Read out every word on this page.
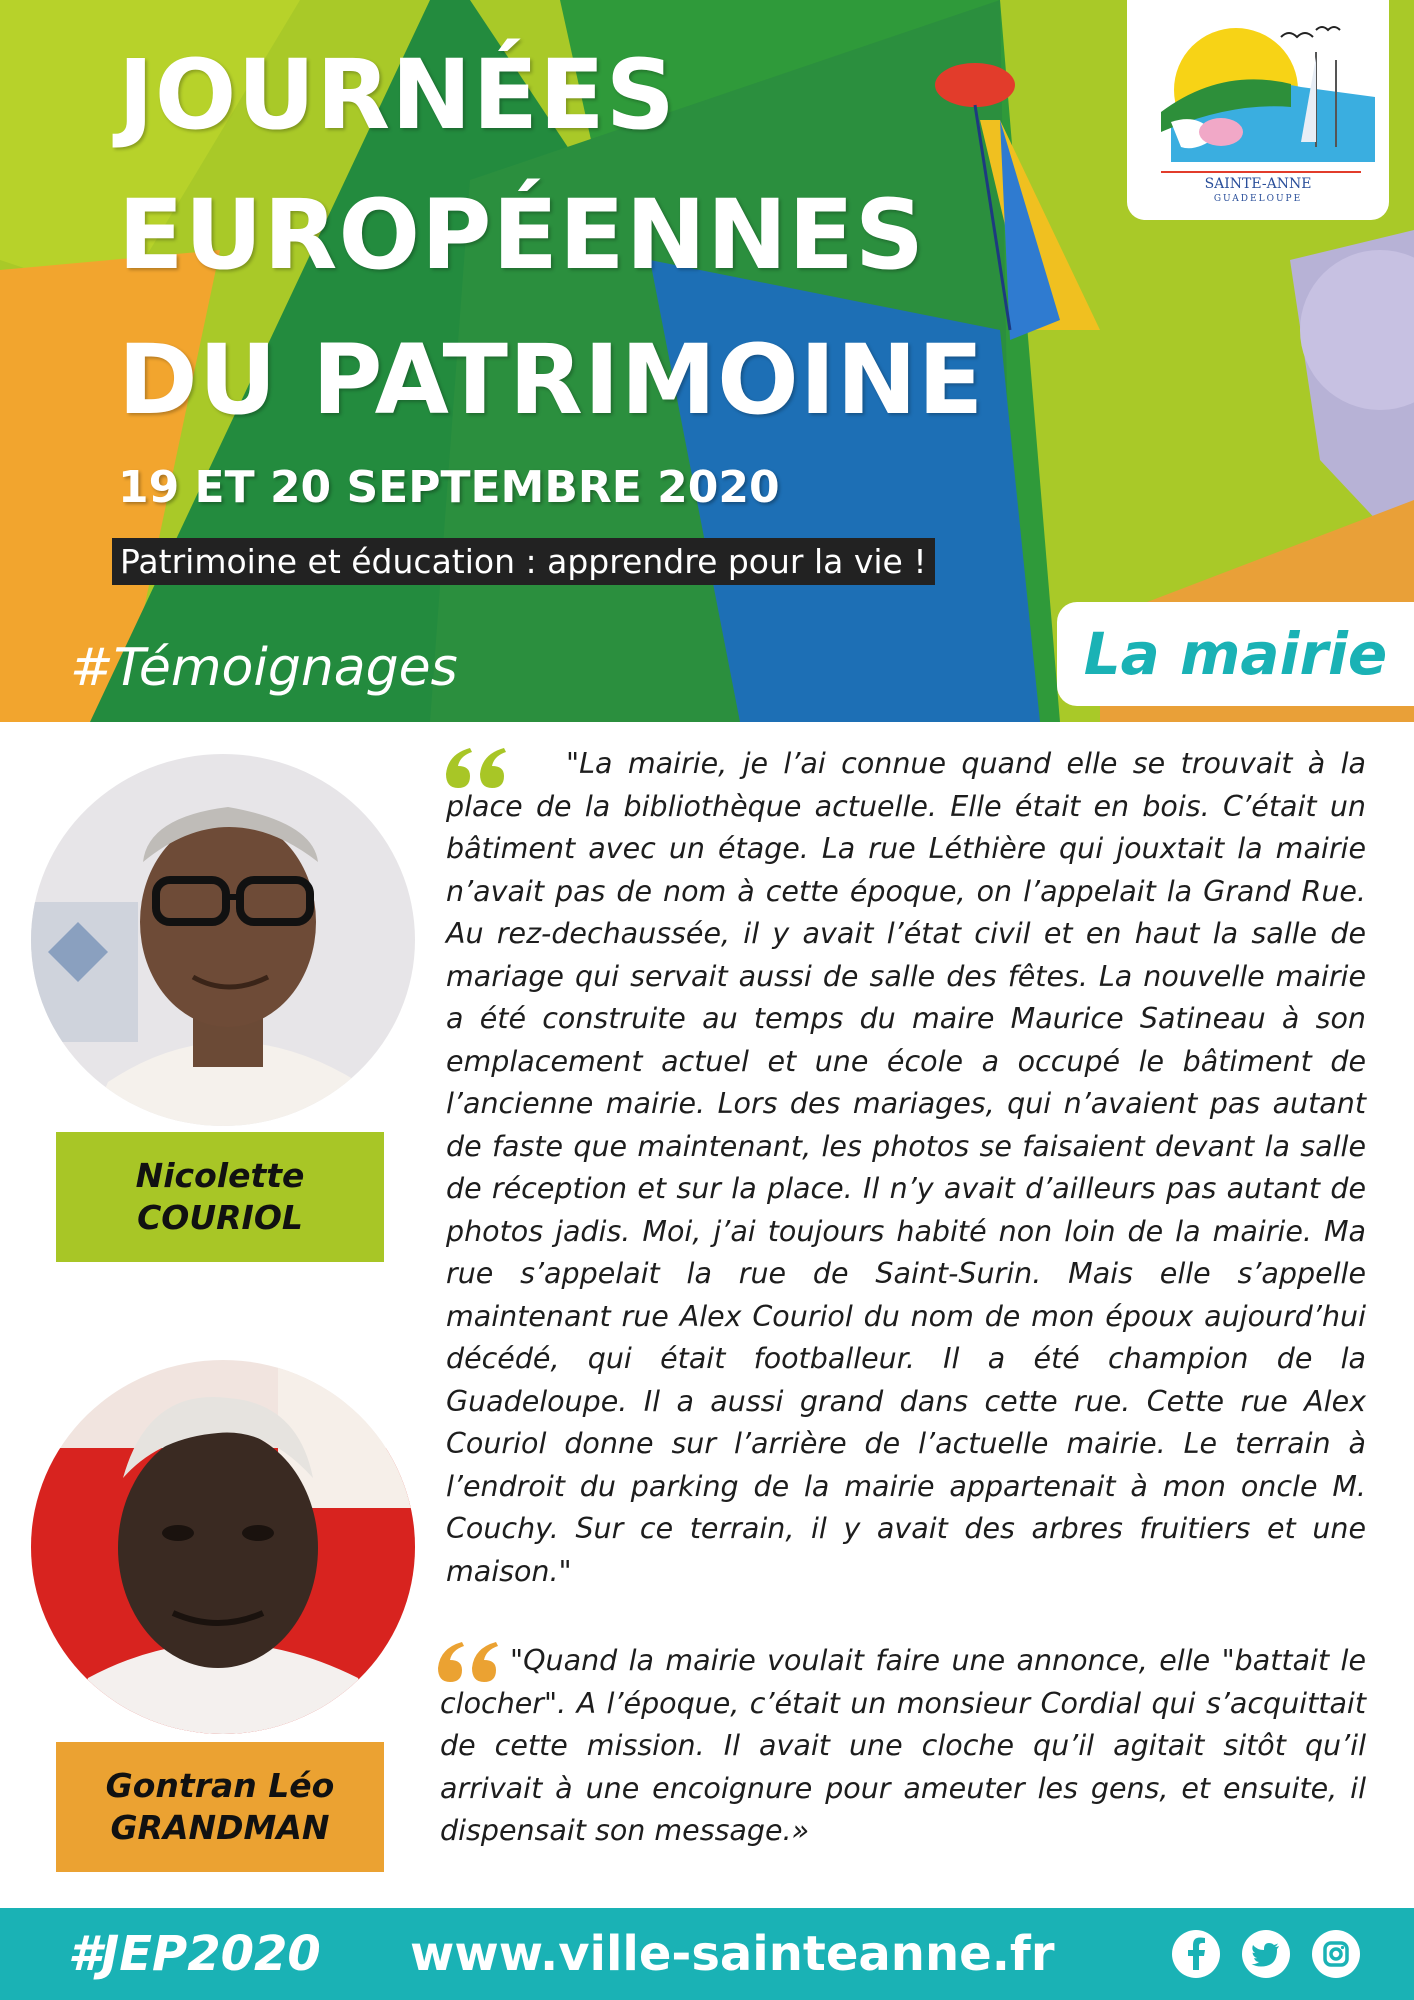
JOURNÉES
EUROPÉENNES
DU PATRIMOINE
19 ET 20 SEPTEMBRE 2020
Patrimoine et éducation : apprendre pour la vie !
#Témoignages
SAINTE-ANNE
GUADELOUPE
La mairie
Nicolette
COURIOL
Gontran Léo
GRANDMAN

"La mairie, je l’ai connue quand elle se trouvait à la place de la bibliothèque actuelle. Elle était en bois. C’était un bâtiment avec un étage. La rue Léthière qui jouxtait la mairie n’avait pas de nom à cette époque, on l’appelait la Grand Rue. Au rez-dechaussée, il y avait l’état civil et en haut la salle de mariage qui servait aussi de salle des fêtes. La nouvelle mairie a été construite au temps du maire Maurice Satineau à son emplacement actuel et une école a occupé le bâtiment de l’ancienne mairie. Lors des mariages, qui n’avaient pas autant de faste que maintenant, les photos se faisaient devant la salle de réception et sur la place. Il n’y avait d’ailleurs pas autant de photos jadis. Moi, j’ai toujours habité non loin de la mairie. Ma rue s’appelait la rue de Saint-Surin. Mais elle s’appelle maintenant rue Alex Couriol du nom de mon époux aujourd’hui décédé, qui était footballeur. Il a été champion de la Guadeloupe. Il a aussi grand dans cette rue. Cette rue Alex Couriol donne sur l’arrière de l’actuelle mairie. Le terrain à l’endroit du parking de la mairie appartenait à mon oncle M. Couchy. Sur ce terrain, il y avait des arbres fruitiers et une maison."

"Quand la mairie voulait faire une annonce, elle "battait le clocher". A l’époque, c’était un monsieur Cordial qui s’acquittait de cette mission. Il avait une cloche qu’il agitait sitôt qu’il arrivait à une encoignure pour ameuter les gens, et ensuite, il dispensait son message.»

#JEP2020 www.ville-sainteanne.fr
